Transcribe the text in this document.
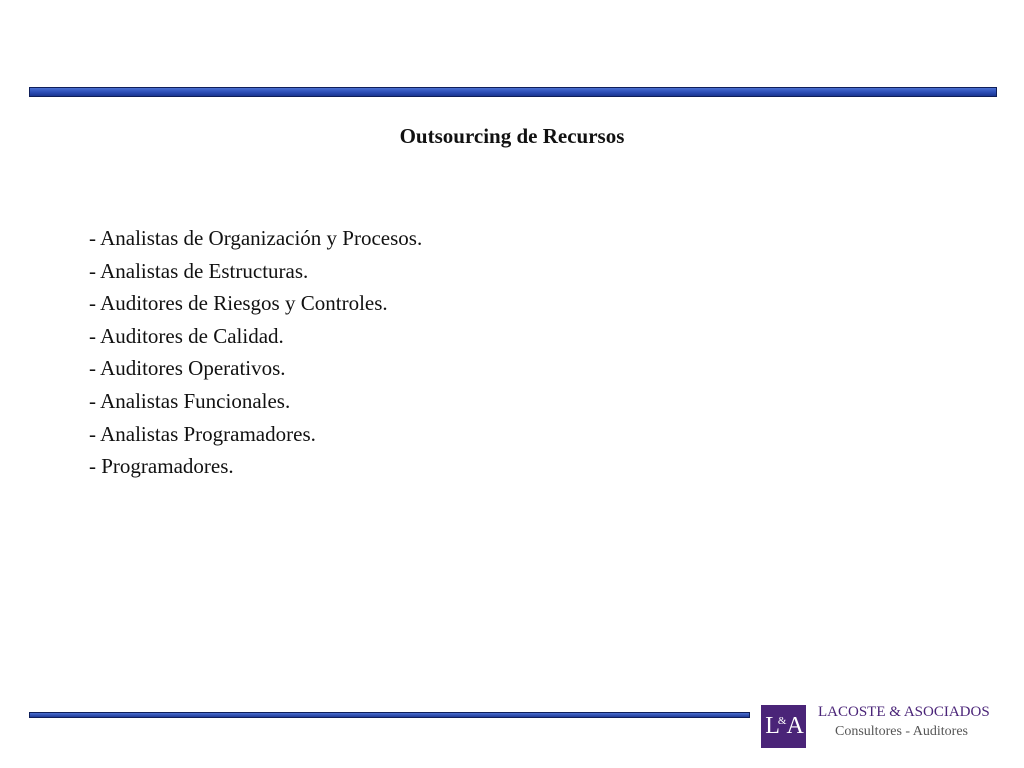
Outsourcing de Recursos
- Analistas de Organización y Procesos.
- Analistas de Estructuras.
- Auditores de Riesgos y Controles.
- Auditores de Calidad.
- Auditores Operativos.
- Analistas Funcionales.
- Analistas Programadores.
- Programadores.
L & A
LACOSTE & ASOCIADOS
Consultores - Auditores
